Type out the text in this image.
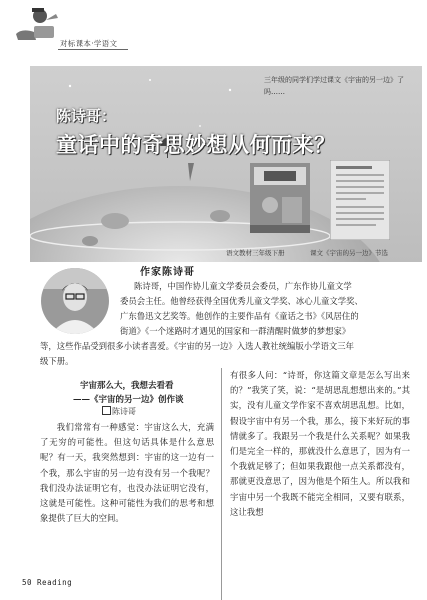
对标课本·学语文
三年级的同学们学过课文《宇宙的另一边》了吗……
陈诗哥：
童话中的奇思妙想从何而来？
语文教材三年级下册	课文《宇宙的另一边》节选
作家陈诗哥

陈诗哥，中国作协儿童文学委员会委员，广东作协儿童文学

委员会主任。他曾经获得全国优秀儿童文学奖、冰心儿童文学奖、

广东鲁迅文艺奖等。他创作的主要作品有《童话之书》《风居住的

街道》《一个迷路时才遇见的国家和一群清醒时做梦的梦想家》

等，这些作品受到很多小读者喜爱。《宇宙的另一边》入选人教社统编版小学语文三年

级下册。

宇宙那么大，我想去看看
——《宇宙的另一边》创作谈
陈诗哥

我们常常有一种感觉：宇宙这么大，充满了无穷的可能性。但这句话具体是什么意思呢？有一天，我突然想到：宇宙的这一边有一个我，那么宇宙的另一边有没有另一个我呢？我们没办法证明它有，也没办法证明它没有，这就是可能性。这种可能性为我们的思考和想象提供了巨大的空间。

有很多人问：“诗哥，你这篇文章是怎么写出来的？”我笑了笑，说：“是胡思乱想想出来的。”其实，没有儿童文学作家不喜欢胡思乱想。比如，假设宇宙中有另一个我，那么，接下来好玩的事情就多了。我跟另一个我是什么关系呢？如果我们是完全一样的，那就没什么意思了，因为有一个我就足够了；但如果我跟他一点关系都没有，那就更没意思了，因为他是个陌生人。所以我和宇宙中另一个我既不能完全相同，又要有联系，这让我想

50 Reading
